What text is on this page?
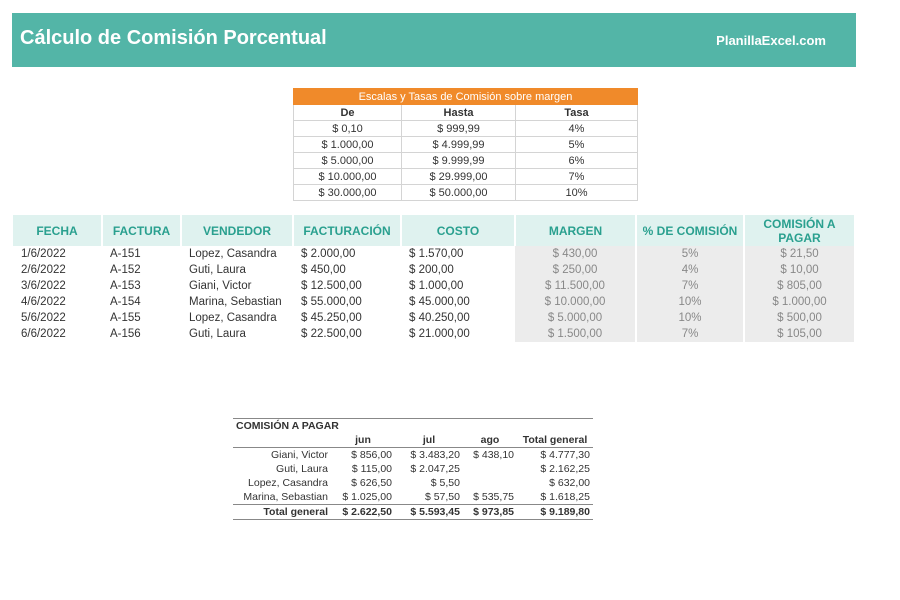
Cálculo de Comisión Porcentual	PlanillaExcel.com
Escalas y Tasas de Comisión sobre margen		
De	Hasta	Tasa
$ 0,10	$ 999,99	4%
$ 1.000,00	$ 4.999,99	5%
$ 5.000,00	$ 9.999,99	6%
$ 10.000,00	$ 29.999,00	7%
$ 30.000,00	$ 50.000,00	10%
FECHA	FACTURA	VENDEDOR	FACTURACIÓN	COSTO	MARGEN	% DE COMISIÓN	COMISIÓN A PAGAR
1/6/2022	A-151	Lopez, Casandra	$ 2.000,00	$ 1.570,00	$ 430,00	5%	$ 21,50
2/6/2022	A-152	Guti, Laura	$ 450,00	$ 200,00	$ 250,00	4%	$ 10,00
3/6/2022	A-153	Giani, Victor	$ 12.500,00	$ 1.000,00	$ 11.500,00	7%	$ 805,00
4/6/2022	A-154	Marina, Sebastian	$ 55.000,00	$ 45.000,00	$ 10.000,00	10%	$ 1.000,00
5/6/2022	A-155	Lopez, Casandra	$ 45.250,00	$ 40.250,00	$ 5.000,00	10%	$ 500,00
6/6/2022	A-156	Guti, Laura	$ 22.500,00	$ 21.000,00	$ 1.500,00	7%	$ 105,00
COMISIÓN A PAGAR				
	jun	jul	ago	Total general
Giani, Victor	$ 856,00	$ 3.483,20	$ 438,10	$ 4.777,30
Guti, Laura	$ 115,00	$ 2.047,25		$ 2.162,25
Lopez, Casandra	$ 626,50	$ 5,50		$ 632,00
Marina, Sebastian	$ 1.025,00	$ 57,50	$ 535,75	$ 1.618,25
Total general	$ 2.622,50	$ 5.593,45	$ 973,85	$ 9.189,80
